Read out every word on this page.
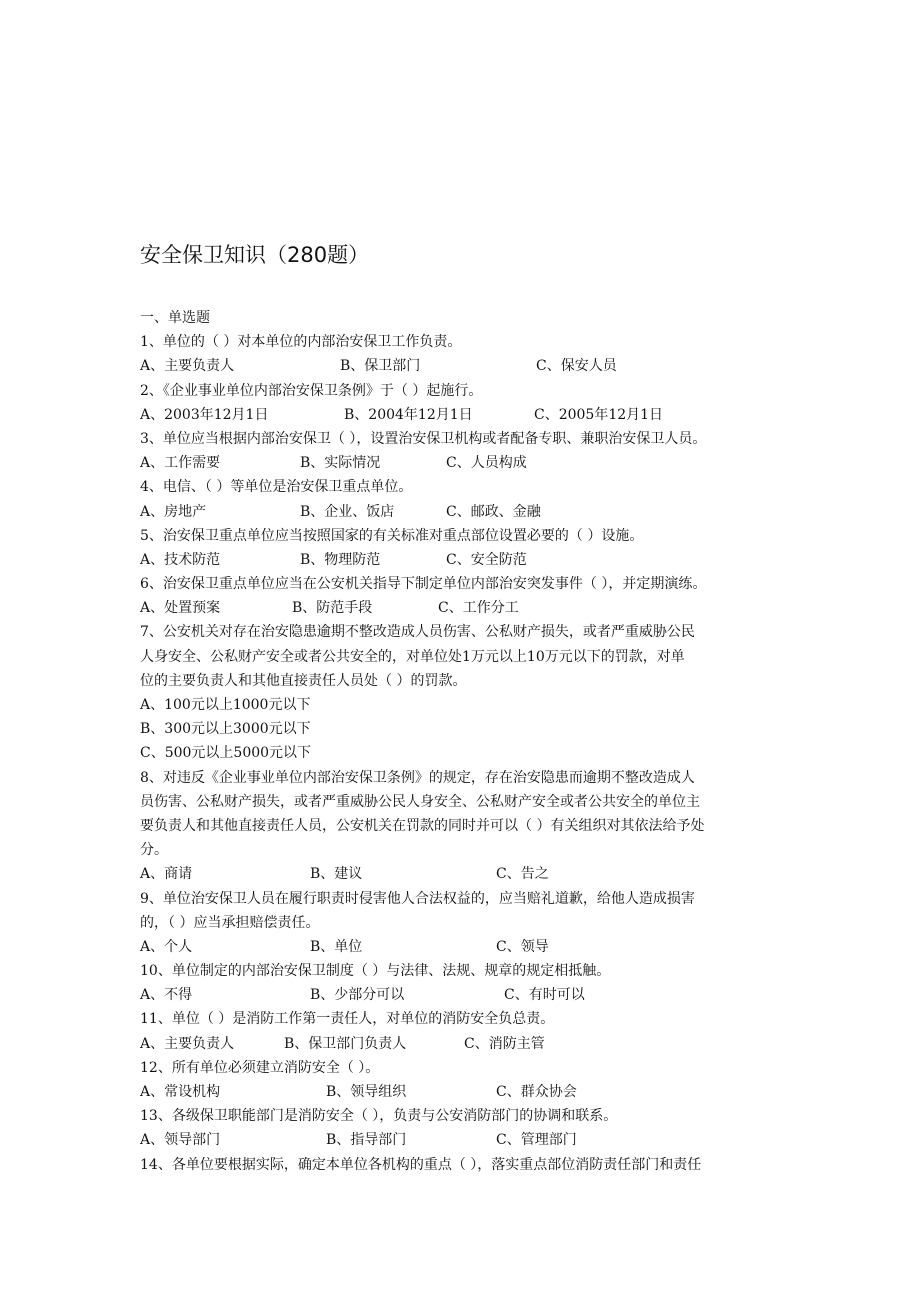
安全保卫知识（280题）
一、单选题
1、单位的（ ）对本单位的内部治安保卫工作负责。
A、主要负责人	B、保卫部门	C、保安人员
2、《企业事业单位内部治安保卫条例》于（ ）起施行。
A、2003年12月1日	B、2004年12月1日	C、2005年12月1日
3、单位应当根据内部治安保卫（ ），设置治安保卫机构或者配备专职、兼职治安保卫人员。
A、工作需要	B、实际情况	C、人员构成
4、电信、（ ）等单位是治安保卫重点单位。
A、房地产	B、企业、饭店	C、邮政、金融
5、治安保卫重点单位应当按照国家的有关标准对重点部位设置必要的（ ）设施。
A、技术防范	B、物理防范	C、安全防范
6、治安保卫重点单位应当在公安机关指导下制定单位内部治安突发事件（ ），并定期演练。
A、处置预案	B、防范手段	C、工作分工
7、公安机关对存在治安隐患逾期不整改造成人员伤害、公私财产损失，或者严重威胁公民
人身安全、公私财产安全或者公共安全的，对单位处1万元以上10万元以下的罚款，对单
位的主要负责人和其他直接责任人员处（ ）的罚款。
A、100元以上1000元以下
B、300元以上3000元以下
C、500元以上5000元以下
8、对违反《企业事业单位内部治安保卫条例》的规定，存在治安隐患而逾期不整改造成人
员伤害、公私财产损失，或者严重威胁公民人身安全、公私财产安全或者公共安全的单位主
要负责人和其他直接责任人员，公安机关在罚款的同时并可以（ ）有关组织对其依法给予处
分。
A、商请	B、建议	C、告之
9、单位治安保卫人员在履行职责时侵害他人合法权益的，应当赔礼道歉，给他人造成损害
的，（ ）应当承担赔偿责任。
A、个人	B、单位	C、领导
10、单位制定的内部治安保卫制度（ ）与法律、法规、规章的规定相抵触。
A、不得	B、少部分可以	C、有时可以
11、单位（ ）是消防工作第一责任人，对单位的消防安全负总责。
A、主要负责人	B、保卫部门负责人	C、消防主管
12、所有单位必须建立消防安全（ ）。
A、常设机构	B、领导组织	C、群众协会
13、各级保卫职能部门是消防安全（ ），负责与公安消防部门的协调和联系。
A、领导部门	B、指导部门	C、管理部门
14、各单位要根据实际，确定本单位各机构的重点（ ），落实重点部位消防责任部门和责任
